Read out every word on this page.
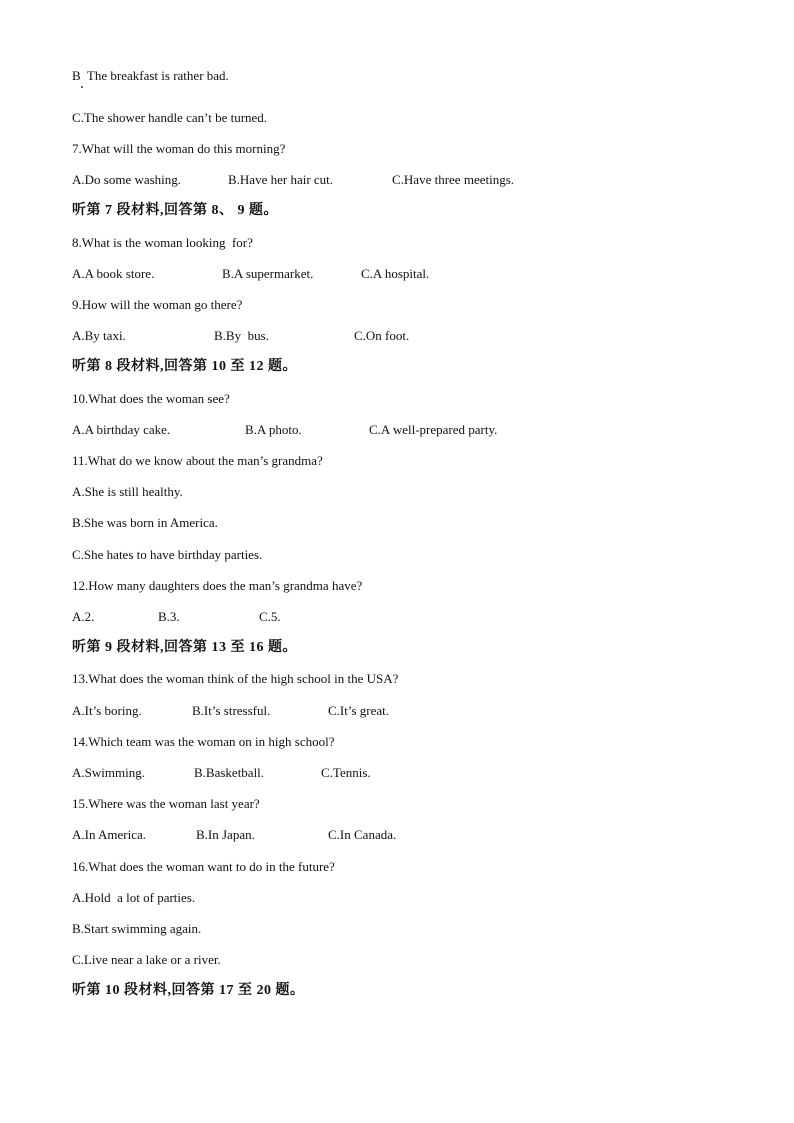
B  The breakfast is rather bad.
C.The shower handle can’t be turned.
7.What will the woman do this morning?
A.Do some washing.	B.Have her hair cut.	C.Have three meetings.
听第 7 段材料,回答第 8、 9 题。
8.What is the woman looking  for?
A.A book store.	B.A supermarket.	C.A hospital.
9.How will the woman go there?
A.By taxi.	B.By  bus.	C.On foot.
听第 8 段材料,回答第 10 至 12 题。
10.What does the woman see?
A.A birthday cake.	B.A photo.	C.A well-prepared party.
11.What do we know about the man’s grandma?
A.She is still healthy.
B.She was born in America.
C.She hates to have birthday parties.
12.How many daughters does the man’s grandma have?
A.2.	B.3.	C.5.
听第 9 段材料,回答第 13 至 16 题。
13.What does the woman think of the high school in the USA?
A.It’s boring.	B.It’s stressful.	C.It’s great.
14.Which team was the woman on in high school?
A.Swimming.	B.Basketball.	C.Tennis.
15.Where was the woman last year?
A.In America.	B.In Japan.	C.In Canada.
16.What does the woman want to do in the future?
A.Hold  a lot of parties.
B.Start swimming again.
C.Live near a lake or a river.
听第 10 段材料,回答第 17 至 20 题。
